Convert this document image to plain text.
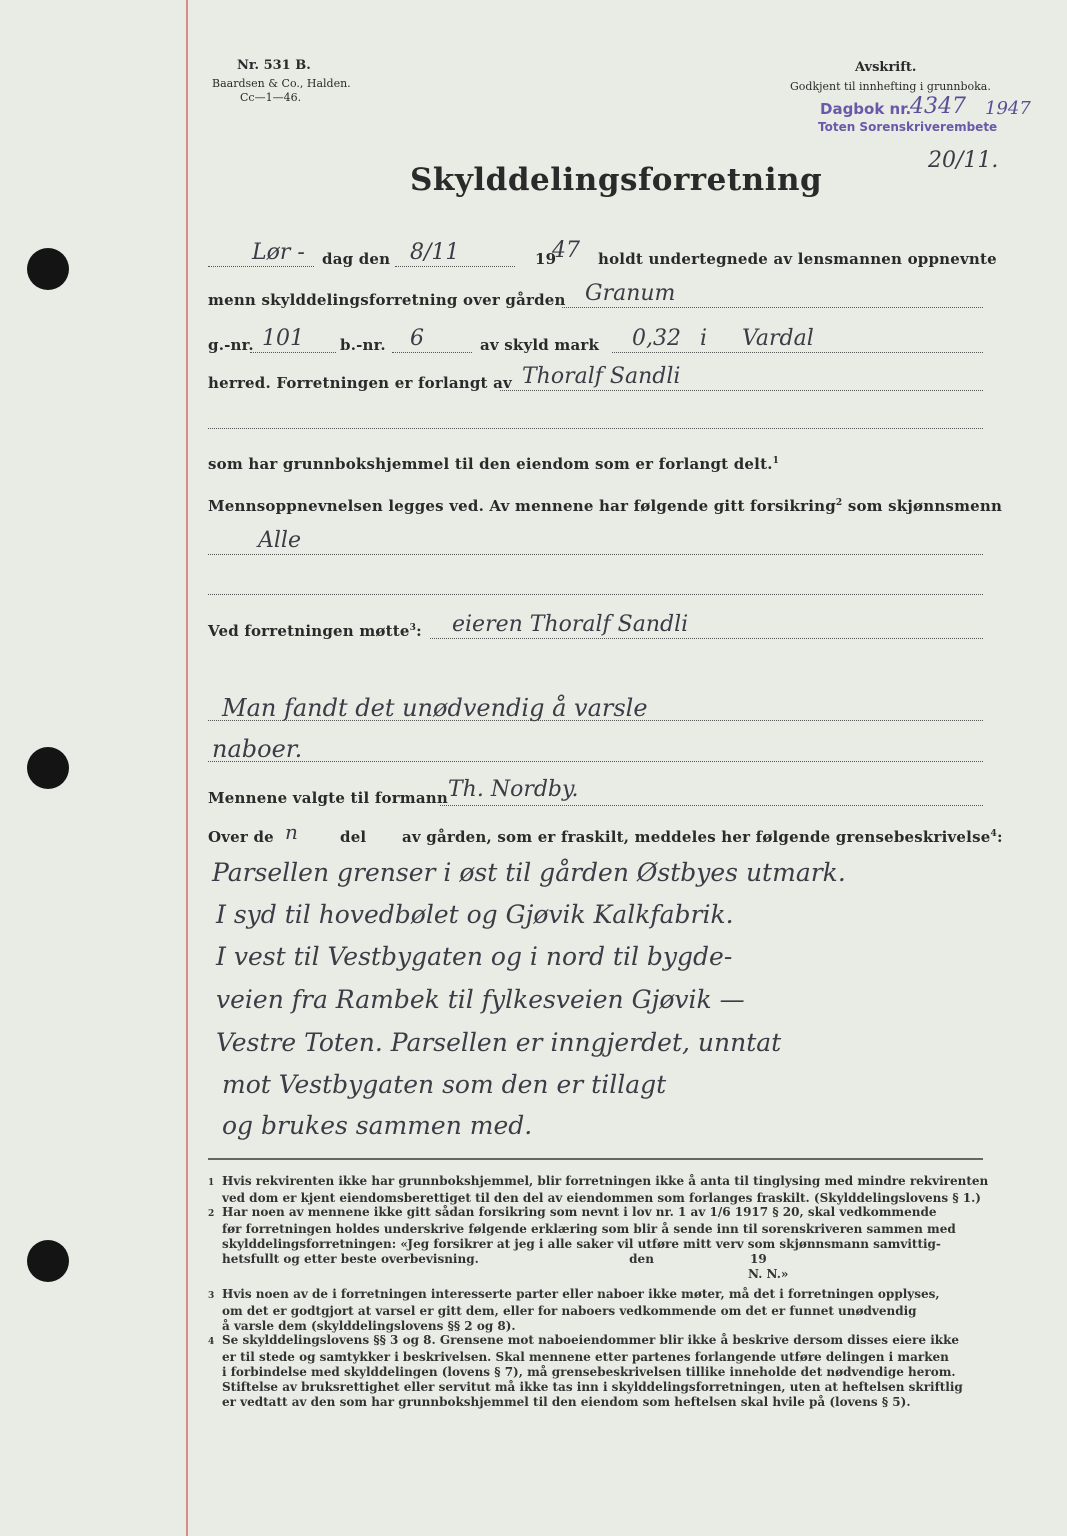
Nr. 531 B.
Baardsen & Co., Halden.
Cc—1—46.
Avskrift.
Godkjent til innhefting i grunnboka.
Dagbok nr.
4347 1947
Toten Sorenskriverembete
20/11.
Skylddelingsforretning
Lør - dag den 8/11	19
47 holdt undertegnede av lensmannen oppnevnte
menn skylddelingsforretning over gården Granum
g.-nr. 101 b.-nr. 6	av skyld mark 0,32 i Vardal
herred. Forretningen er forlangt av Thoralf Sandli
som har grunnbokshjemmel til den eiendom som er forlangt delt.$^1$
Mennsoppnevnelsen legges ved. Av mennene har følgende gitt forsikring$^2$ som skjønnsmenn
Alle
Ved forretningen møtte$^3$: eieren Thoralf Sandli
Man fandt det unødvendig å varsle
naboer.
Mennene valgte til formann Th. Nordby.
Over de n	del av gården, som er fraskilt, meddeles her følgende grensebeskrivelse$^4$:
Parsellen grenser i øst til gården Østbyes utmark.
I syd til hovedbølet og Gjøvik Kalkfabrik.
I vest til Vestbygaten og i nord til bygde-
veien fra Rambek til fylkesveien Gjøvik —
Vestre Toten. Parsellen er inngjerdet, unntat
mot Vestbygaten som den er tillagt
og brukes sammen med.
1 Hvis rekvirenten ikke har grunnbokshjemmel, blir forretningen ikke å anta til tinglysing med mindre rekvirenten
ved dom er kjent eiendomsberettiget til den del av eiendommen som forlanges fraskilt. (Skylddelingslovens § 1.)
2 Har noen av mennene ikke gitt sådan forsikring som nevnt i lov nr. 1 av 1/6 1917 § 20, skal vedkommende
før forretningen holdes underskrive følgende erklæring som blir å sende inn til sorenskriveren sammen med
skylddelingsforretningen: «Jeg forsikrer at jeg i alle saker vil utføre mitt verv som skjønnsmann samvittig-
hetsfullt og etter beste overbevisning.                                    den                       19
N. N.»
3 Hvis noen av de i forretningen interesserte parter eller naboer ikke møter, må det i forretningen opplyses,
om det er godtgjort at varsel er gitt dem, eller for naboers vedkommende om det er funnet unødvendig
å varsle dem (skylddelingslovens §§ 2 og 8).
4 Se skylddelingslovens §§ 3 og 8. Grensene mot naboeiendommer blir ikke å beskrive dersom disses eiere ikke
er til stede og samtykker i beskrivelsen. Skal mennene etter partenes forlangende utføre delingen i marken
i forbindelse med skylddelingen (lovens § 7), må grensebeskrivelsen tillike inneholde det nødvendige herom.
Stiftelse av bruksrettighet eller servitut må ikke tas inn i skylddelingsforretningen, uten at heftelsen skriftlig
er vedtatt av den som har grunnbokshjemmel til den eiendom som heftelsen skal hvile på (lovens § 5).
